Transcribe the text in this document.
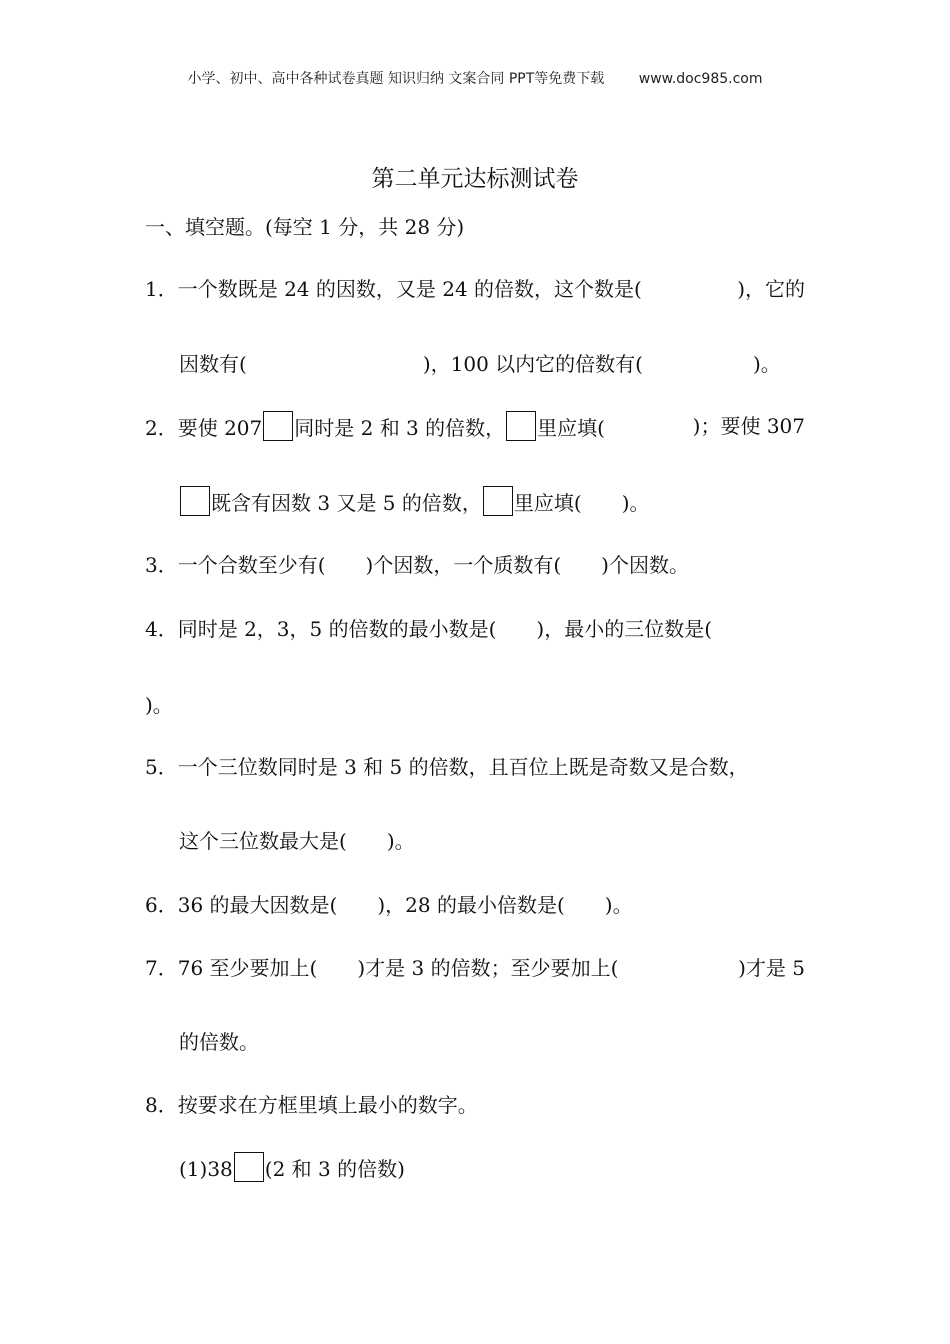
小学、初中、高中各种试卷真题 知识归纳 文案合同 PPT等免费下载 www.doc985.com
第二单元达标测试卷
一、填空题。(每空 1 分，共 28 分)
1．一个数既是 24 的因数，又是 24 的倍数，这个数是(	)，它的
因数有(	)，100 以内它的倍数有(	)。
2．要使 207 同时是 2 和 3 的倍数， 里应填(	)；要使 307
既含有因数 3 又是 5 的倍数， 里应填( )。
3．一个合数至少有( )个因数，一个质数有( )个因数。
4．同时是 2，3，5 的倍数的最小数是( )，最小的三位数是(
)。
5．一个三位数同时是 3 和 5 的倍数，且百位上既是奇数又是合数，
这个三位数最大是( )。
6．36 的最大因数是( )，28 的最小倍数是( )。
7．76 至少要加上( )才是 3 的倍数；至少要加上(	)才是 5
的倍数。
8．按要求在方框里填上最小的数字。
(1)38 (2 和 3 的倍数)
